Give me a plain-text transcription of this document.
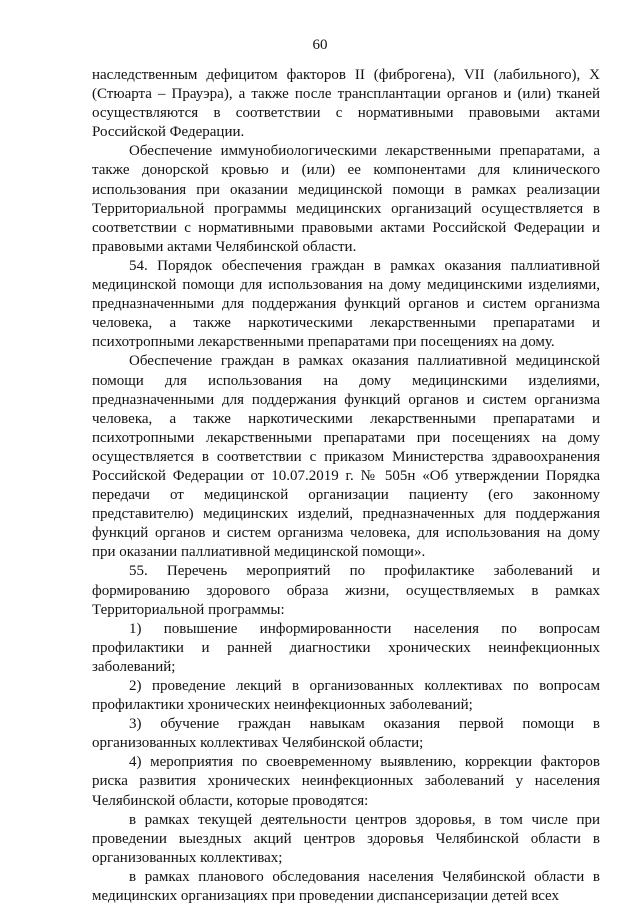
60

наследственным дефицитом факторов II (фиброгена), VII (лабильного), X (Стюарта – Прауэра), а также после трансплантации органов и (или) тканей осуществляются в соответствии с нормативными правовыми актами Российской Федерации.

Обеспечение иммунобиологическими лекарственными препаратами, а также донорской кровью и (или) ее компонентами для клинического использования при оказании медицинской помощи в рамках реализации Территориальной программы медицинских организаций осуществляется в соответствии с нормативными правовыми актами Российской Федерации и правовыми актами Челябинской области.

54. Порядок обеспечения граждан в рамках оказания паллиативной медицинской помощи для использования на дому медицинскими изделиями, предназначенными для поддержания функций органов и систем организма человека, а также наркотическими лекарственными препаратами и психотропными лекарственными препаратами при посещениях на дому.

Обеспечение граждан в рамках оказания паллиативной медицинской помощи для использования на дому медицинскими изделиями, предназначенными для поддержания функций органов и систем организма человека, а также наркотическими лекарственными препаратами и психотропными лекарственными препаратами при посещениях на дому осуществляется в соответствии с приказом Министерства здравоохранения Российской Федерации от 10.07.2019 г. № 505н «Об утверждении Порядка передачи от медицинской организации пациенту (его законному представителю) медицинских изделий, предназначенных для поддержания функций органов и систем организма человека, для использования на дому при оказании паллиативной медицинской помощи».

55. Перечень мероприятий по профилактике заболеваний и формированию здорового образа жизни, осуществляемых в рамках Территориальной программы:

1) повышение информированности населения по вопросам профилактики и ранней диагностики хронических неинфекционных заболеваний;

2) проведение лекций в организованных коллективах по вопросам профилактики хронических неинфекционных заболеваний;

3) обучение граждан навыкам оказания первой помощи в организованных коллективах Челябинской области;

4) мероприятия по своевременному выявлению, коррекции факторов риска развития хронических неинфекционных заболеваний у населения Челябинской области, которые проводятся:

в рамках текущей деятельности центров здоровья, в том числе при проведении выездных акций центров здоровья Челябинской области в организованных коллективах;

в рамках планового обследования населения Челябинской области в медицинских организациях при проведении диспансеризации детей всех
